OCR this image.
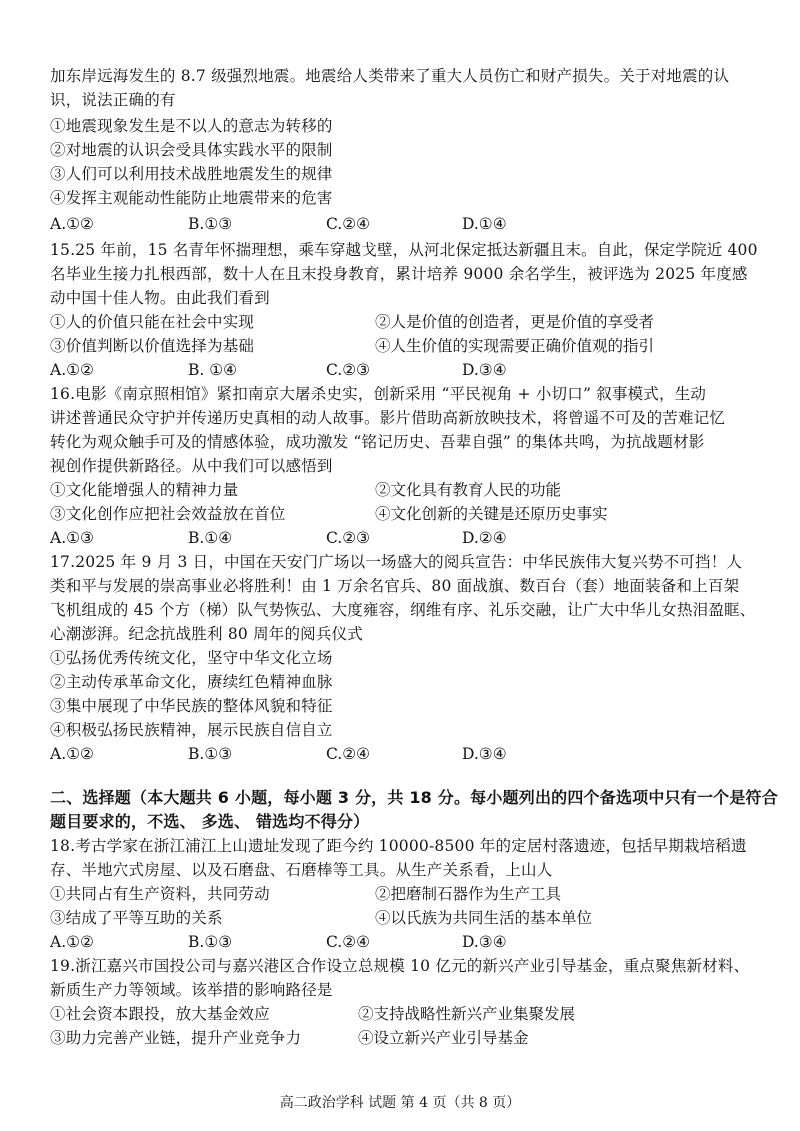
加东岸远海发生的 8.7 级强烈地震。地震给人类带来了重大人员伤亡和财产损失。关于对地震的认
识，说法正确的有
①地震现象发生是不以人的意志为转移的
②对地震的认识会受具体实践水平的限制
③人们可以利用技术战胜地震发生的规律
④发挥主观能动性能防止地震带来的危害
A.①②	B.①③	C.②④	D.①④
15.25 年前，15 名青年怀揣理想，乘车穿越戈壁，从河北保定抵达新疆且末。自此，保定学院近 400
名毕业生接力扎根西部，数十人在且末投身教育，累计培养 9000 余名学生，被评选为 2025 年度感
动中国十佳人物。由此我们看到
①人的价值只能在社会中实现	②人是价值的创造者，更是价值的享受者
③价值判断以价值选择为基础	④人生价值的实现需要正确价值观的指引
A.①②	B. ①④	C.②③	D.③④
16.电影《南京照相馆》紧扣南京大屠杀史实，创新采用 “平民视角 + 小切口” 叙事模式，生动
讲述普通民众守护并传递历史真相的动人故事。影片借助高新放映技术，将曾遥不可及的苦难记忆
转化为观众触手可及的情感体验，成功激发 “铭记历史、吾辈自强” 的集体共鸣，为抗战题材影
视创作提供新路径。从中我们可以感悟到
①文化能增强人的精神力量	②文化具有教育人民的功能
③文化创作应把社会效益放在首位	④文化创新的关键是还原历史事实
A.①③	B.①④	C.②③	D.②④
17.2025 年 9 月 3 日，中国在天安门广场以一场盛大的阅兵宣告：中华民族伟大复兴势不可挡！人
类和平与发展的崇高事业必将胜利！由 1 万余名官兵、80 面战旗、数百台（套）地面装备和上百架
飞机组成的 45 个方（梯）队气势恢弘、大度雍容，纲维有序、礼乐交融，让广大中华儿女热泪盈眶、
心潮澎湃。纪念抗战胜利 80 周年的阅兵仪式
①弘扬优秀传统文化，坚守中华文化立场
②主动传承革命文化，赓续红色精神血脉
③集中展现了中华民族的整体风貌和特征
④积极弘扬民族精神，展示民族自信自立
A.①②	B.①③	C.②④	D.③④
二、选择题（本大题共 6 小题，每小题 3 分，共 18 分。每小题列出的四个备选项中只有一个是符合
题目要求的，不选、 多选、 错选均不得分）
18.考古学家在浙江浦江上山遗址发现了距今约 10000-8500 年的定居村落遗迹，包括早期栽培稻遗
存、半地穴式房屋、以及石磨盘、石磨棒等工具。从生产关系看，上山人
①共同占有生产资料，共同劳动	②把磨制石器作为生产工具
③结成了平等互助的关系	④以氏族为共同生活的基本单位
A.①②	B.①③	C.②④	D.③④
19.浙江嘉兴市国投公司与嘉兴港区合作设立总规模 10 亿元的新兴产业引导基金，重点聚焦新材料、
新质生产力等领域。该举措的影响路径是
①社会资本跟投，放大基金效应	②支持战略性新兴产业集聚发展
③助力完善产业链，提升产业竞争力	④设立新兴产业引导基金
高二政治学科 试题 第 4 页（共 8 页）
